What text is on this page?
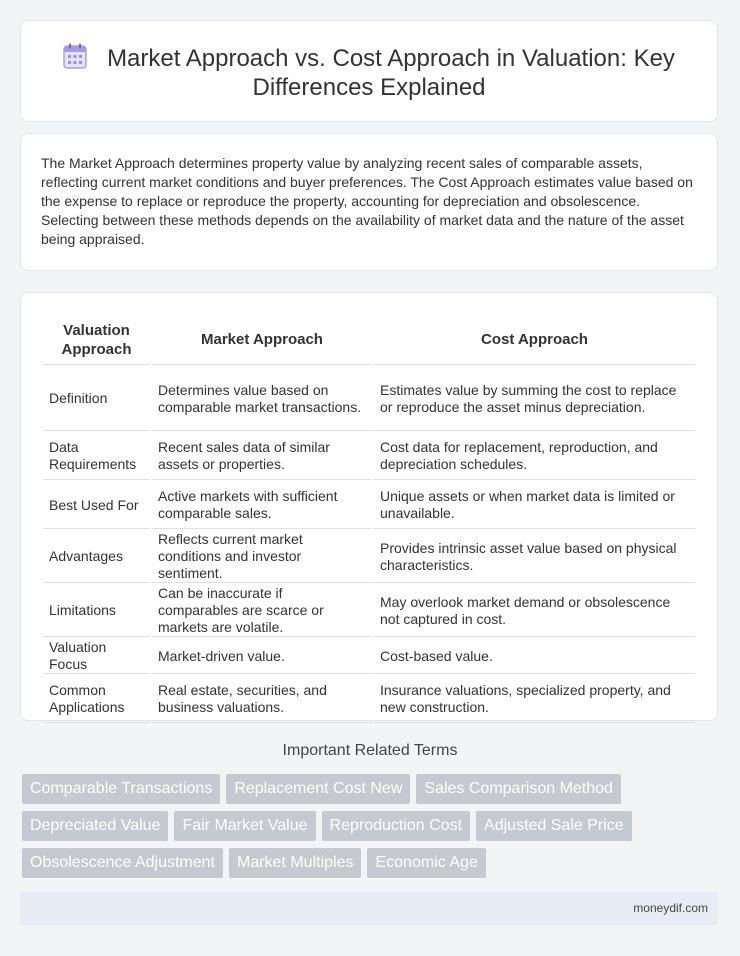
Market Approach vs. Cost Approach in Valuation: Key
Differences Explained
The Market Approach determines property value by analyzing recent sales of comparable assets, reflecting current market conditions and buyer preferences. The Cost Approach estimates value based on the expense to replace or reproduce the property, accounting for depreciation and obsolescence. Selecting between these methods depends on the availability of market data and the nature of the asset being appraised.
Valuation Approach	Market Approach	Cost Approach
Definition	Determines value based on comparable market transactions.	Estimates value by summing the cost to replace or reproduce the asset minus depreciation.
Data Requirements	Recent sales data of similar assets or properties.	Cost data for replacement, reproduction, and depreciation schedules.
Best Used For	Active markets with sufficient comparable sales.	Unique assets or when market data is limited or unavailable.
Advantages	Reflects current market conditions and investor sentiment.	Provides intrinsic asset value based on physical characteristics.
Limitations	Can be inaccurate if comparables are scarce or markets are volatile.	May overlook market demand or obsolescence not captured in cost.
Valuation Focus	Market-driven value.	Cost-based value.
Common Applications	Real estate, securities, and business valuations.	Insurance valuations, specialized property, and new construction.
Important Related Terms
Comparable Transactions Replacement Cost New Sales Comparison Method
Depreciated Value Fair Market Value Reproduction Cost Adjusted Sale Price
Obsolescence Adjustment Market Multiples Economic Age
moneydif.com
